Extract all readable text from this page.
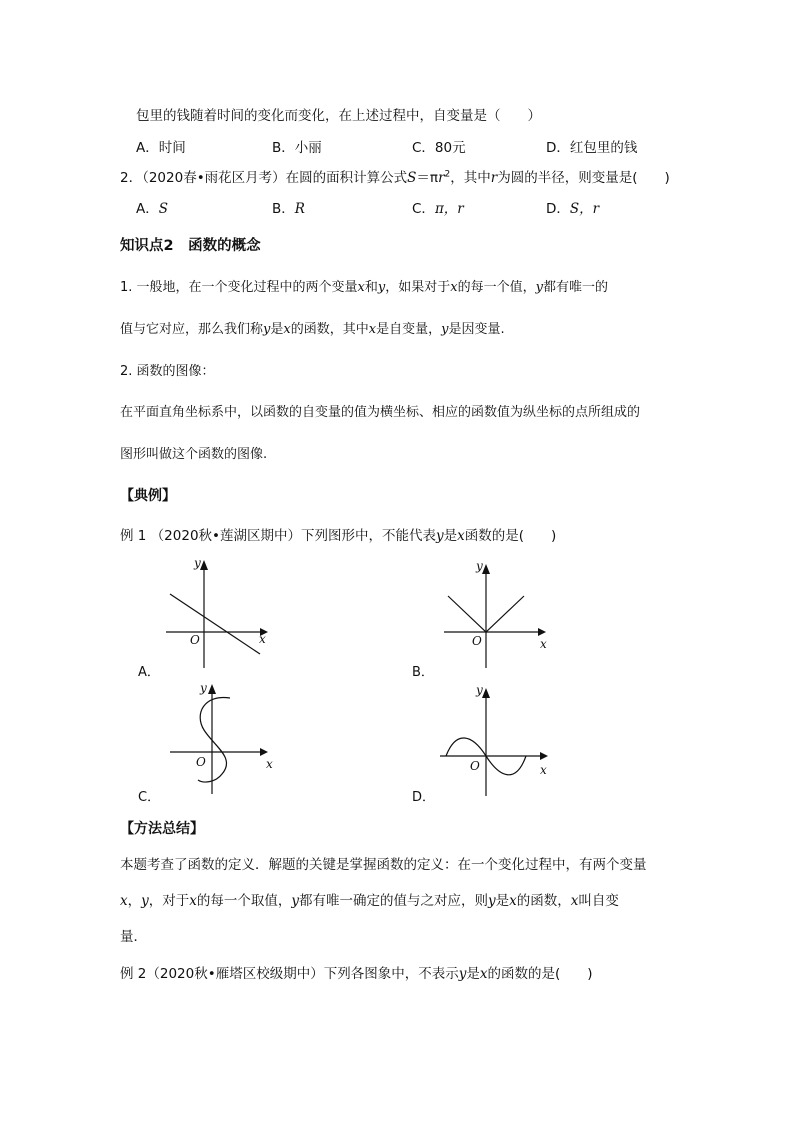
包里的钱随着时间的变化而变化，在上述过程中，自变量是（　　）
A．时间	B．小丽	C．80元	D．红包里的钱
2．（2020春•雨花区月考）在圆的面积计算公式$S=\pi r^2$，其中r为圆的半径，则变量是(　　)
A．S	B．R	C．π，r	D．S，r
知识点2　函数的概念
1. 一般地，在一个变化过程中的两个变量x和y，如果对于x的每一个值，y都有唯一的
值与它对应，那么我们称y是x的函数，其中x是自变量，y是因变量.
2. 函数的图像：
在平面直角坐标系中，以函数的自变量的值为横坐标、相应的函数值为纵坐标的点所组成的
图形叫做这个函数的图像.
【典例】
例 1 （2020秋•莲湖区期中）下列图形中，不能代表y是x函数的是(　　)
x
y
O
A．
x
y
O
B．
x
y
O
C．
x
y
O
D．
【方法总结】
本题考查了函数的定义．解题的关键是掌握函数的定义：在一个变化过程中，有两个变量
x，y，对于x的每一个取值，y都有唯一确定的值与之对应，则y是x的函数，x叫自变
量．
例 2（2020秋•雁塔区校级期中）下列各图象中，不表示y是x的函数的是(　　)
